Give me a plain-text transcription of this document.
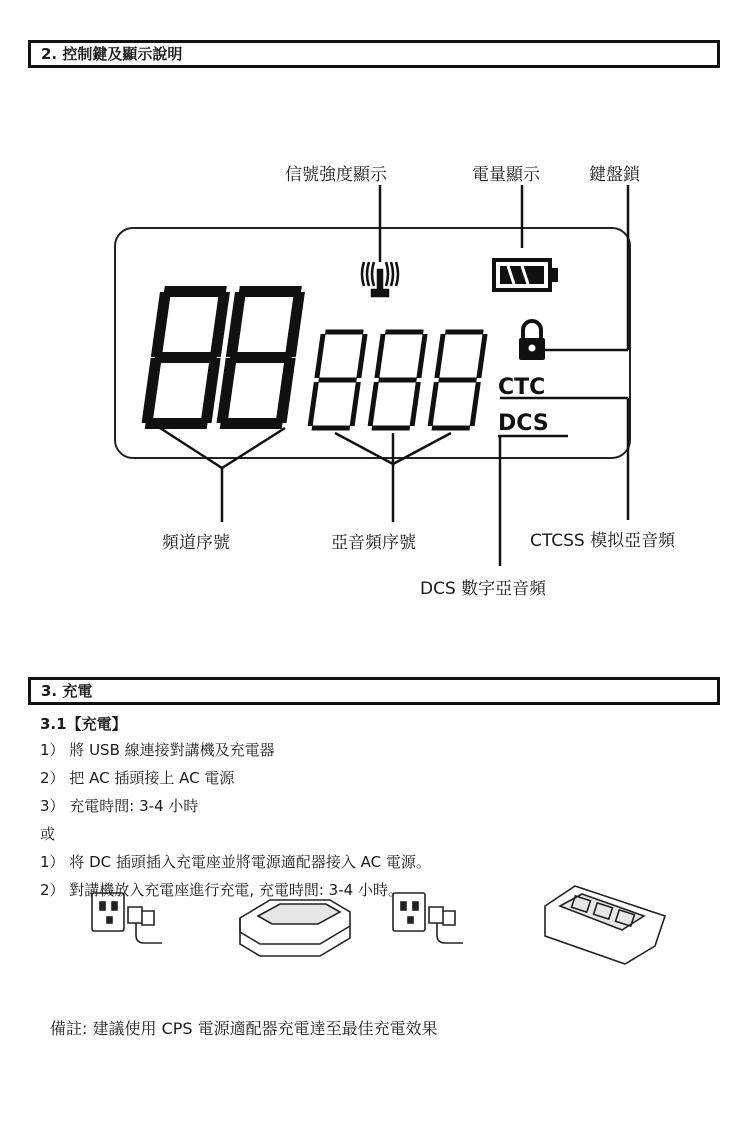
2. 控制鍵及顯示說明
信號強度顯示	電量顯示	鍵盤鎖
頻道序號	亞音頻序號	CTCSS 模拟亞音頻
DCS 數字亞音頻
CTC
DCS
3. 充電
3.1【充電】
1） 將 USB 線連接對講機及充電器
2） 把 AC 插頭接上 AC 電源
3） 充電時間: 3-4 小時
或
1） 将 DC 插頭插入充電座並將電源適配器接入 AC 電源。
2） 對講機放入充電座進行充電, 充電時間: 3-4 小時。
備註: 建議使用 CPS 電源適配器充電達至最佳充電效果
